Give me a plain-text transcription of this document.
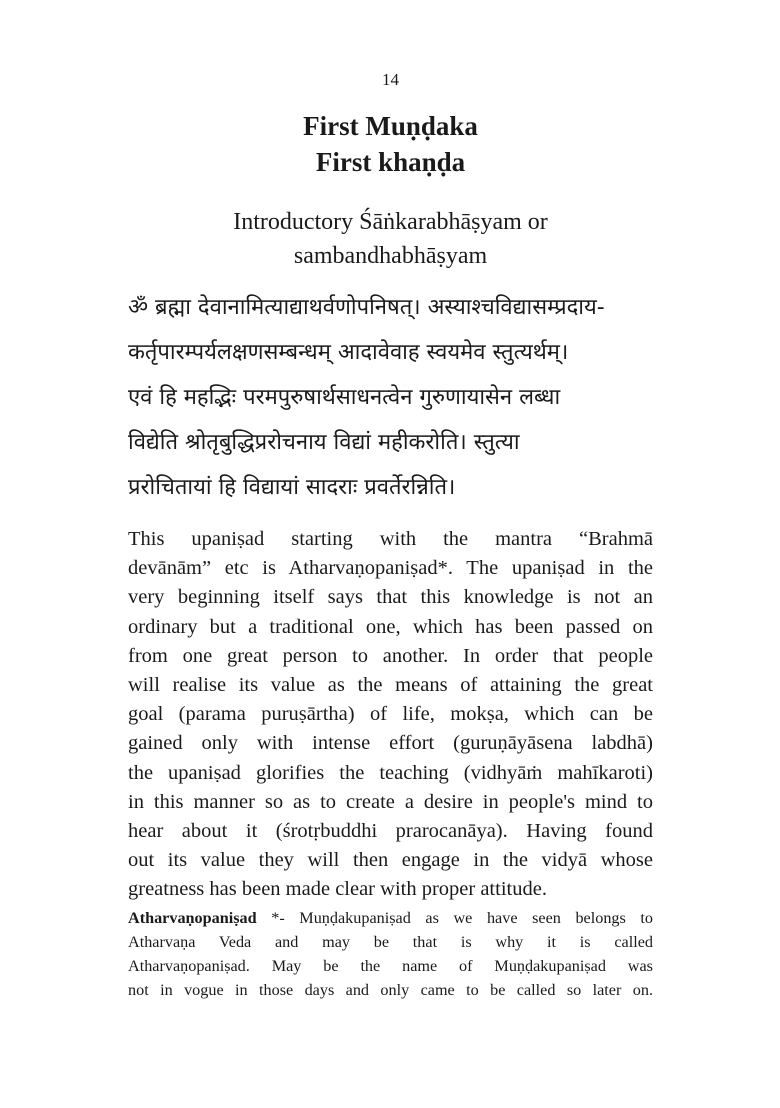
14
First Muṇḍaka
First khaṇḍa
Introductory Śāṅkarabhāṣyam or
sambandhabhāṣyam
ॐ ब्रह्मा देवानामित्याद्याथर्वणोपनिषत्। अस्याश्चविद्यासम्प्रदाय-
कर्तृपारम्पर्यलक्षणसम्बन्धम् आदावेवाह स्वयमेव स्तुत्यर्थम्।
एवं हि महद्भिः परमपुरुषार्थसाधनत्वेन गुरुणायासेन लब्धा
विद्येति श्रोतृबुद्धिप्ररोचनाय विद्यां महीकरोति। स्तुत्या
प्ररोचितायां हि विद्यायां सादराः प्रवर्तेरन्निति।
This upaniṣad starting with the mantra “Brahmā
devānām” etc is Atharvaṇopaniṣad*. The upaniṣad in the
very beginning itself says that this knowledge is not an
ordinary but a traditional one, which has been passed on
from one great person to another. In order that people
will realise its value as the means of attaining the great
goal (parama puruṣārtha) of life, mokṣa, which can be
gained only with intense effort (guruṇāyāsena labdhā)
the upaniṣad glorifies the teaching (vidhyāṁ mahīkaroti)
in this manner so as to create a desire in people's mind to
hear about it (śrotṛbuddhi prarocanāya). Having found
out its value they will then engage in the vidyā whose
greatness has been made clear with proper attitude.
Atharvaṇopaniṣad *- Muṇḍakupaniṣad as we have seen belongs to
Atharvaṇa Veda and may be that is why it is called
Atharvaṇopaniṣad. May be the name of Muṇḍakupaniṣad was
not in vogue in those days and only came to be called so later on.
